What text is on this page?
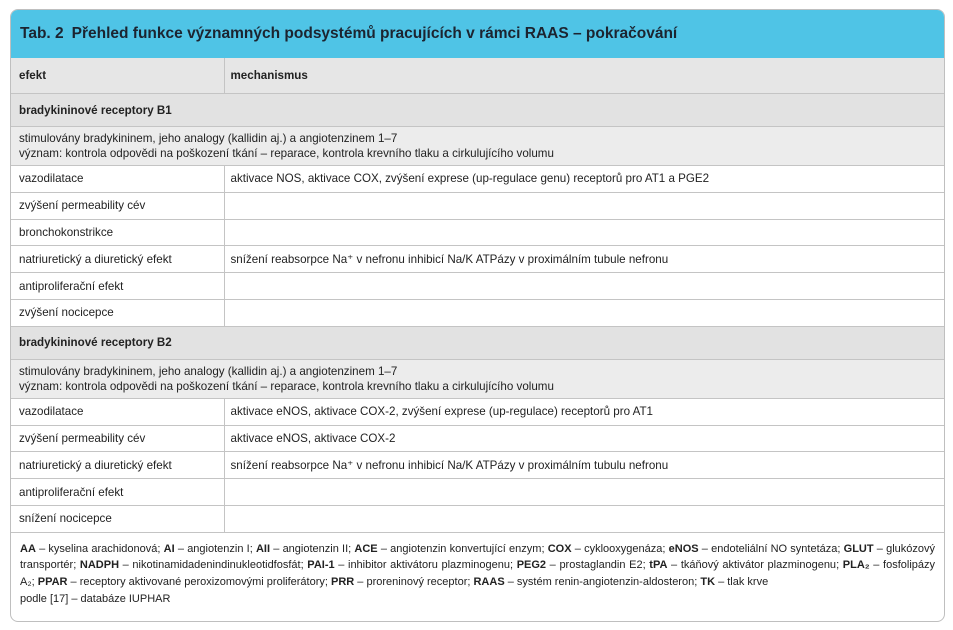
Tab. 2 Přehled funkce významných podsystémů pracujících v rámci RAAS – pokračování
efekt	mechanismus
bradykininové receptory B1	
stimulovány bradykininem, jeho analogy (kallidin aj.) a angiotenzinem 1–7
význam: kontrola odpovědi na poškození tkání – reparace, kontrola krevního tlaku a cirkulujícího volumu	
vazodilatace	aktivace NOS, aktivace COX, zvýšení exprese (up-regulace genu) receptorů pro AT1 a PGE2
zvýšení permeability cév	
bronchokonstrikce	
natriuretický a diuretický efekt	snížení reabsorpce Na⁺ v nefronu inhibicí Na/K ATPázy v proximálním tubule nefronu
antiproliferační efekt	
zvýšení nocicepce	
bradykininové receptory B2	
stimulovány bradykininem, jeho analogy (kallidin aj.) a angiotenzinem 1–7
význam: kontrola odpovědi na poškození tkání – reparace, kontrola krevního tlaku a cirkulujícího volumu	
vazodilatace	aktivace eNOS, aktivace COX-2, zvýšení exprese (up-regulace) receptorů pro AT1
zvýšení permeability cév	aktivace eNOS, aktivace COX-2
natriuretický a diuretický efekt	snížení reabsorpce Na⁺ v nefronu inhibicí Na/K ATPázy v proximálním tubulu nefronu
antiproliferační efekt	
snížení nocicepce	
AA – kyselina arachidonová; AI – angiotenzin I; AII – angiotenzin II; ACE – angiotenzin konvertující enzym; COX – cyklooxygenáza; eNOS – endoteliální NO syntetáza; GLUT – glukózový transportér; NADPH – nikotinamidadenindinukleotidfosfát; PAI-1 – inhibitor aktivátoru plazminogenu; PEG2 – prostaglandin E2; tPA – tkáňový aktivátor plazminogenu; PLA₂ – fosfolipázy A₂; PPAR – receptory aktivované peroxizomovými proliferátory; PRR – proreninový receptor; RAAS – systém renin-angiotenzin-aldosteron; TK – tlak krve
podle [17] – databáze IUPHAR
